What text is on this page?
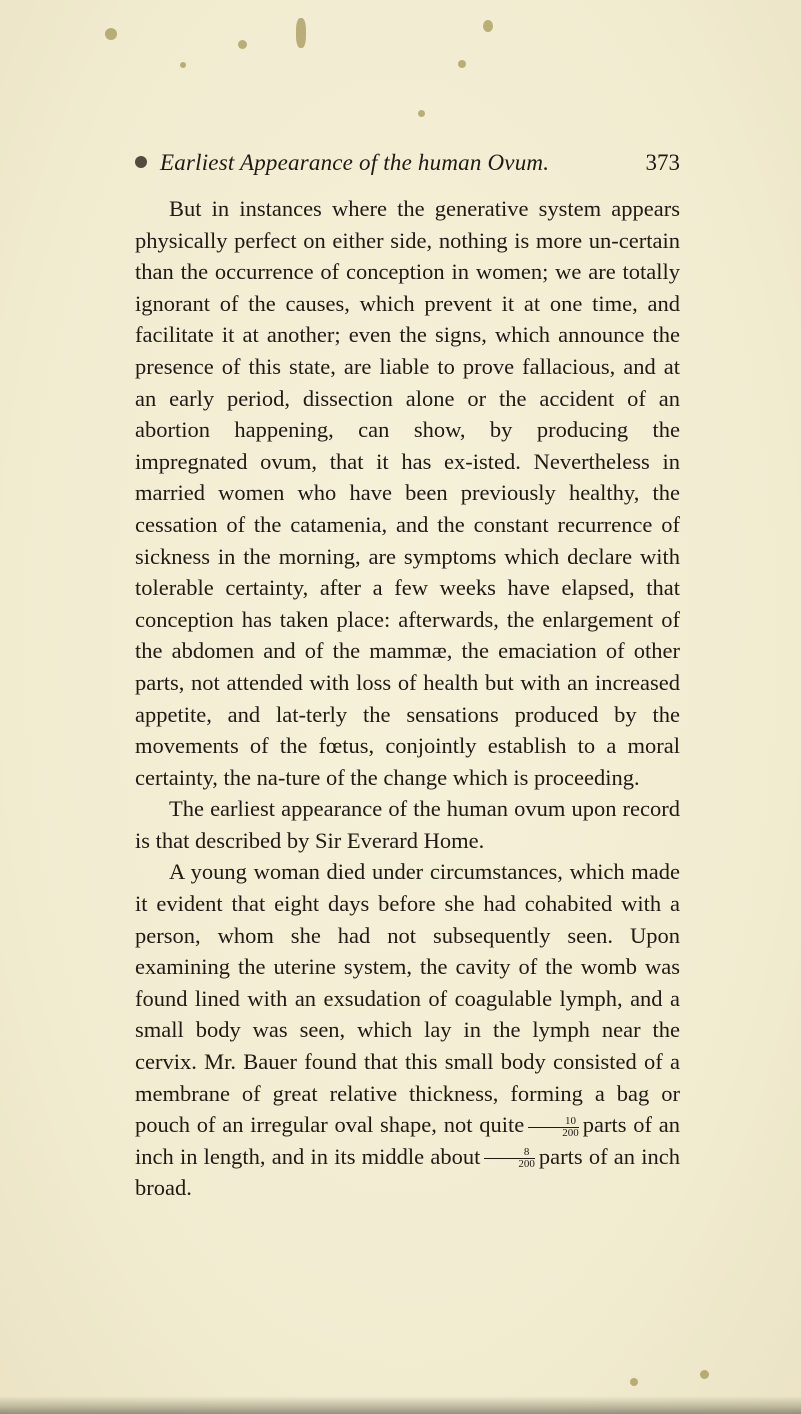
Earliest Appearance of the human Ovum.	373

But in instances where the generative system appears physically perfect on either side, nothing is more un-certain than the occurrence of conception in women; we are totally ignorant of the causes, which prevent it at one time, and facilitate it at another; even the signs, which announce the presence of this state, are liable to prove fallacious, and at an early period, dissection alone or the accident of an abortion happening, can show, by producing the impregnated ovum, that it has ex-isted. Nevertheless in married women who have been previously healthy, the cessation of the catamenia, and the constant recurrence of sickness in the morning, are symptoms which declare with tolerable certainty, after a few weeks have elapsed, that conception has taken place: afterwards, the enlargement of the abdomen and of the mammæ, the emaciation of other parts, not attended with loss of health but with an increased appetite, and lat-terly the sensations produced by the movements of the fœtus, conjointly establish to a moral certainty, the na-ture of the change which is proceeding.

The earliest appearance of the human ovum upon record is that described by Sir Everard Home.

A young woman died under circumstances, which made it evident that eight days before she had cohabited with a person, whom she had not subsequently seen. Upon examining the uterine system, the cavity of the womb was found lined with an exsudation of coagulable lymph, and a small body was seen, which lay in the lymph near the cervix. Mr. Bauer found that this small body consisted of a membrane of great relative thickness, forming a bag or pouch of an irregular oval shape, not quite $\frac{10}{200}$ parts of an inch in length, and in its middle about $\frac{8}{200}$ parts of an inch broad.
